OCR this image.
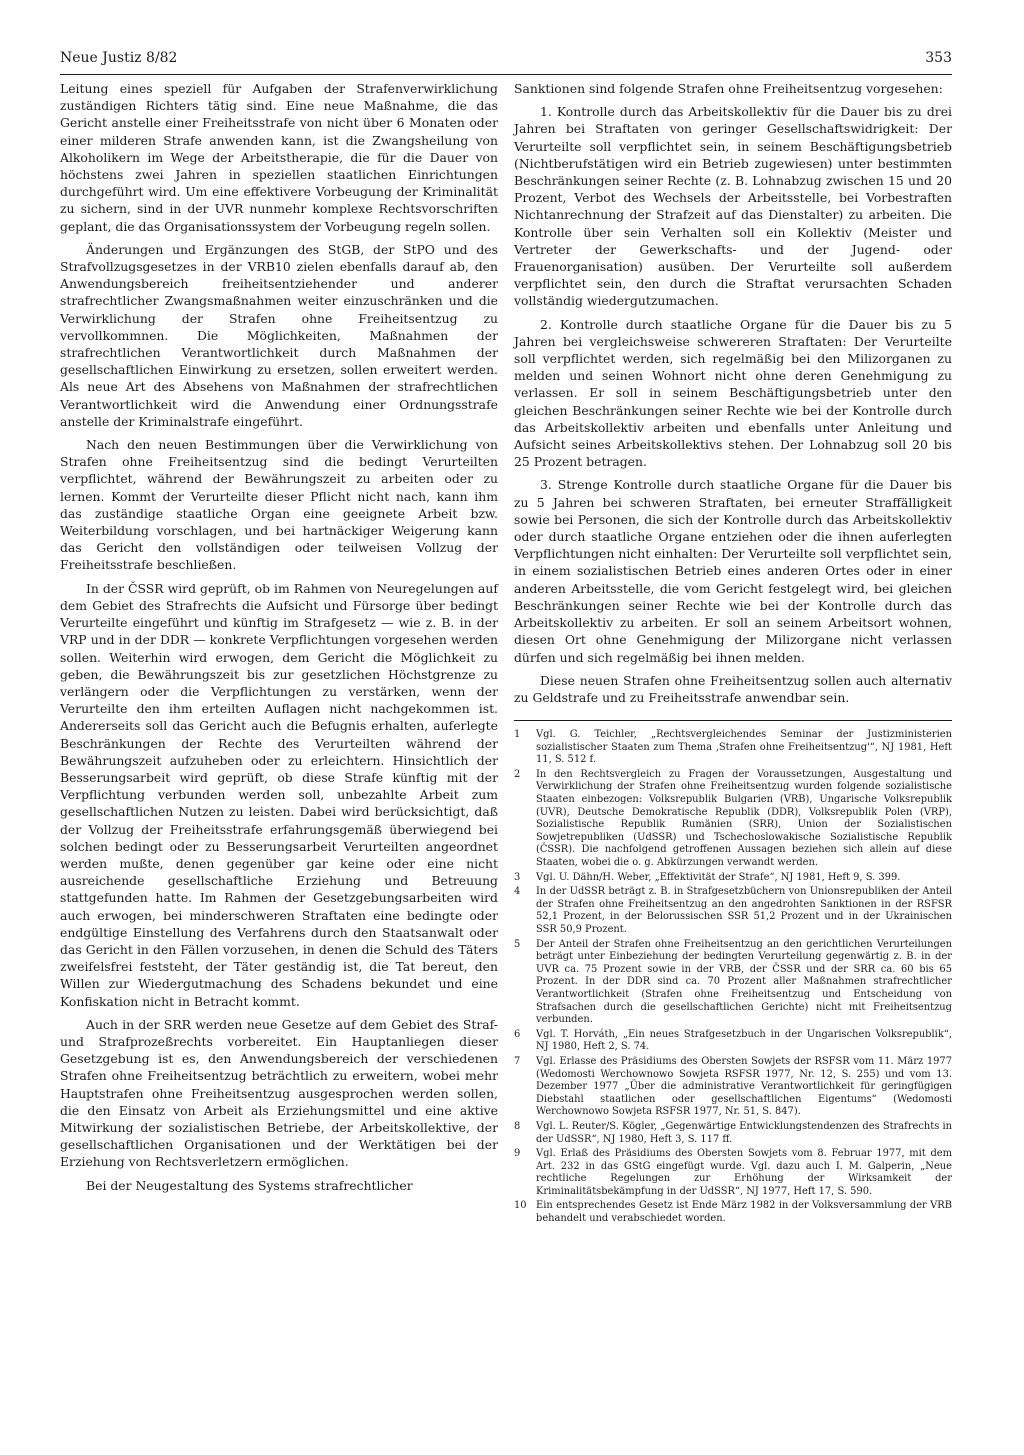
Neue Justiz 8/82	353

Leitung eines speziell für Aufgaben der Strafenverwirklichung zuständigen Richters tätig sind. Eine neue Maßnahme, die das Gericht anstelle einer Freiheitsstrafe von nicht über 6 Monaten oder einer milderen Strafe anwenden kann, ist die Zwangsheilung von Alkoholikern im Wege der Arbeitstherapie, die für die Dauer von höchstens zwei Jahren in speziellen staatlichen Einrichtungen durchgeführt wird. Um eine effektivere Vorbeugung der Kriminalität zu sichern, sind in der UVR nunmehr komplexe Rechtsvorschriften geplant, die das Organisationssystem der Vorbeugung regeln sollen.

Änderungen und Ergänzungen des StGB, der StPO und des Strafvollzugsgesetzes in der VRB10 zielen ebenfalls darauf ab, den Anwendungsbereich freiheitsentziehender und anderer strafrechtlicher Zwangsmaßnahmen weiter einzuschränken und die Verwirklichung der Strafen ohne Freiheitsentzug zu vervollkommnen. Die Möglichkeiten, Maßnahmen der strafrechtlichen Verantwortlichkeit durch Maßnahmen der gesellschaftlichen Einwirkung zu ersetzen, sollen erweitert werden. Als neue Art des Absehens von Maßnahmen der strafrechtlichen Verantwortlichkeit wird die Anwendung einer Ordnungsstrafe anstelle der Kriminalstrafe eingeführt.

Nach den neuen Bestimmungen über die Verwirklichung von Strafen ohne Freiheitsentzug sind die bedingt Verurteilten verpflichtet, während der Bewährungszeit zu arbeiten oder zu lernen. Kommt der Verurteilte dieser Pflicht nicht nach, kann ihm das zuständige staatliche Organ eine geeignete Arbeit bzw. Weiterbildung vorschlagen, und bei hartnäckiger Weigerung kann das Gericht den vollständigen oder teilweisen Vollzug der Freiheitsstrafe beschließen.

In der ČSSR wird geprüft, ob im Rahmen von Neuregelungen auf dem Gebiet des Strafrechts die Aufsicht und Fürsorge über bedingt Verurteilte eingeführt und künftig im Strafgesetz — wie z. B. in der VRP und in der DDR — konkrete Verpflichtungen vorgesehen werden sollen. Weiterhin wird erwogen, dem Gericht die Möglichkeit zu geben, die Bewährungszeit bis zur gesetzlichen Höchstgrenze zu verlängern oder die Verpflichtungen zu verstärken, wenn der Verurteilte den ihm erteilten Auflagen nicht nachgekommen ist. Andererseits soll das Gericht auch die Befugnis erhalten, auferlegte Beschränkungen der Rechte des Verurteilten während der Bewährungszeit aufzuheben oder zu erleichtern. Hinsichtlich der Besserungsarbeit wird geprüft, ob diese Strafe künftig mit der Verpflichtung verbunden werden soll, unbezahlte Arbeit zum gesellschaftlichen Nutzen zu leisten. Dabei wird berücksichtigt, daß der Vollzug der Freiheitsstrafe erfahrungsgemäß überwiegend bei solchen bedingt oder zu Besserungsarbeit Verurteilten angeordnet werden mußte, denen gegenüber gar keine oder eine nicht ausreichende gesellschaftliche Erziehung und Betreuung stattgefunden hatte. Im Rahmen der Gesetzgebungsarbeiten wird auch erwogen, bei minderschweren Straftaten eine bedingte oder endgültige Einstellung des Verfahrens durch den Staatsanwalt oder das Gericht in den Fällen vorzusehen, in denen die Schuld des Täters zweifelsfrei feststeht, der Täter geständig ist, die Tat bereut, den Willen zur Wiedergutmachung des Schadens bekundet und eine Konfiskation nicht in Betracht kommt.

Auch in der SRR werden neue Gesetze auf dem Gebiet des Straf- und Strafprozeßrechts vorbereitet. Ein Hauptanliegen dieser Gesetzgebung ist es, den Anwendungsbereich der verschiedenen Strafen ohne Freiheitsentzug beträchtlich zu erweitern, wobei mehr Hauptstrafen ohne Freiheitsentzug ausgesprochen werden sollen, die den Einsatz von Arbeit als Erziehungsmittel und eine aktive Mitwirkung der sozialistischen Betriebe, der Arbeitskollektive, der gesellschaftlichen Organisationen und der Werktätigen bei der Erziehung von Rechtsverletzern ermöglichen.

Bei der Neugestaltung des Systems strafrechtlicher

Sanktionen sind folgende Strafen ohne Freiheitsentzug vorgesehen:

1. Kontrolle durch das Arbeitskollektiv für die Dauer bis zu drei Jahren bei Straftaten von geringer Gesellschaftswidrigkeit: Der Verurteilte soll verpflichtet sein, in seinem Beschäftigungsbetrieb (Nichtberufstätigen wird ein Betrieb zugewiesen) unter bestimmten Beschränkungen seiner Rechte (z. B. Lohnabzug zwischen 15 und 20 Prozent, Verbot des Wechsels der Arbeitsstelle, bei Vorbestraften Nichtanrechnung der Strafzeit auf das Dienstalter) zu arbeiten. Die Kontrolle über sein Verhalten soll ein Kollektiv (Meister und Vertreter der Gewerkschafts- und der Jugend- oder Frauenorganisation) ausüben. Der Verurteilte soll außerdem verpflichtet sein, den durch die Straftat verursachten Schaden vollständig wiedergutzumachen.

2. Kontrolle durch staatliche Organe für die Dauer bis zu 5 Jahren bei vergleichsweise schwereren Straftaten: Der Verurteilte soll verpflichtet werden, sich regelmäßig bei den Milizorganen zu melden und seinen Wohnort nicht ohne deren Genehmigung zu verlassen. Er soll in seinem Beschäftigungsbetrieb unter den gleichen Beschränkungen seiner Rechte wie bei der Kontrolle durch das Arbeitskollektiv arbeiten und ebenfalls unter Anleitung und Aufsicht seines Arbeitskollektivs stehen. Der Lohnabzug soll 20 bis 25 Prozent betragen.

3. Strenge Kontrolle durch staatliche Organe für die Dauer bis zu 5 Jahren bei schweren Straftaten, bei erneuter Straffälligkeit sowie bei Personen, die sich der Kontrolle durch das Arbeitskollektiv oder durch staatliche Organe entziehen oder die ihnen auferlegten Verpflichtungen nicht einhalten: Der Verurteilte soll verpflichtet sein, in einem sozialistischen Betrieb eines anderen Ortes oder in einer anderen Arbeitsstelle, die vom Gericht festgelegt wird, bei gleichen Beschränkungen seiner Rechte wie bei der Kontrolle durch das Arbeitskollektiv zu arbeiten. Er soll an seinem Arbeitsort wohnen, diesen Ort ohne Genehmigung der Milizorgane nicht verlassen dürfen und sich regelmäßig bei ihnen melden.

Diese neuen Strafen ohne Freiheitsentzug sollen auch alternativ zu Geldstrafe und zu Freiheitsstrafe anwendbar sein.

1	Vgl. G. Teichler, „Rechtsvergleichendes Seminar der Justizministerien sozialistischer Staaten zum Thema ‚Strafen ohne Freiheitsentzug'“, NJ 1981, Heft 11, S. 512 f.
2	In den Rechtsvergleich zu Fragen der Voraussetzungen, Ausgestaltung und Verwirklichung der Strafen ohne Freiheitsentzug wurden folgende sozialistische Staaten einbezogen: Volksrepublik Bulgarien (VRB), Ungarische Volksrepublik (UVR), Deutsche Demokratische Republik (DDR), Volksrepublik Polen (VRP), Sozialistische Republik Rumänien (SRR), Union der Sozialistischen Sowjetrepubliken (UdSSR) und Tschechoslowakische Sozialistische Republik (ČSSR). Die nachfolgend getroffenen Aussagen beziehen sich allein auf diese Staaten, wobei die o. g. Abkürzungen verwandt werden.
3	Vgl. U. Dähn/H. Weber, „Effektivität der Strafe“, NJ 1981, Heft 9, S. 399.
4	In der UdSSR beträgt z. B. in Strafgesetzbüchern von Unionsrepubliken der Anteil der Strafen ohne Freiheitsentzug an den angedrohten Sanktionen in der RSFSR 52,1 Prozent, in der Belorussischen SSR 51,2 Prozent und in der Ukrainischen SSR 50,9 Prozent.
5	Der Anteil der Strafen ohne Freiheitsentzug an den gerichtlichen Verurteilungen beträgt unter Einbeziehung der bedingten Verurteilung gegenwärtig z. B. in der UVR ca. 75 Prozent sowie in der VRB, der ČSSR und der SRR ca. 60 bis 65 Prozent. In der DDR sind ca. 70 Prozent aller Maßnahmen strafrechtlicher Verantwortlichkeit (Strafen ohne Freiheitsentzug und Entscheidung von Strafsachen durch die gesellschaftlichen Gerichte) nicht mit Freiheitsentzug verbunden.
6	Vgl. T. Horváth, „Ein neues Strafgesetzbuch in der Ungarischen Volksrepublik“, NJ 1980, Heft 2, S. 74.
7	Vgl. Erlasse des Präsidiums des Obersten Sowjets der RSFSR vom 11. März 1977 (Wedomosti Werchownowo Sowjeta RSFSR 1977, Nr. 12, S. 255) und vom 13. Dezember 1977 „Über die administrative Verantwortlichkeit für geringfügigen Diebstahl staatlichen oder gesellschaftlichen Eigentums“ (Wedomosti Werchownowo Sowjeta RSFSR 1977, Nr. 51, S. 847).
8	Vgl. L. Reuter/S. Kögler, „Gegenwärtige Entwicklungstendenzen des Strafrechts in der UdSSR“, NJ 1980, Heft 3, S. 117 ff.
9	Vgl. Erlaß des Präsidiums des Obersten Sowjets vom 8. Februar 1977, mit dem Art. 232 in das GStG eingefügt wurde. Vgl. dazu auch I. M. Galperin, „Neue rechtliche Regelungen zur Erhöhung der Wirksamkeit der Kriminalitätsbekämpfung in der UdSSR“, NJ 1977, Heft 17, S. 590.
10 Ein entsprechendes Gesetz ist Ende März 1982 in der Volksversammlung der VRB behandelt und verabschiedet worden.
